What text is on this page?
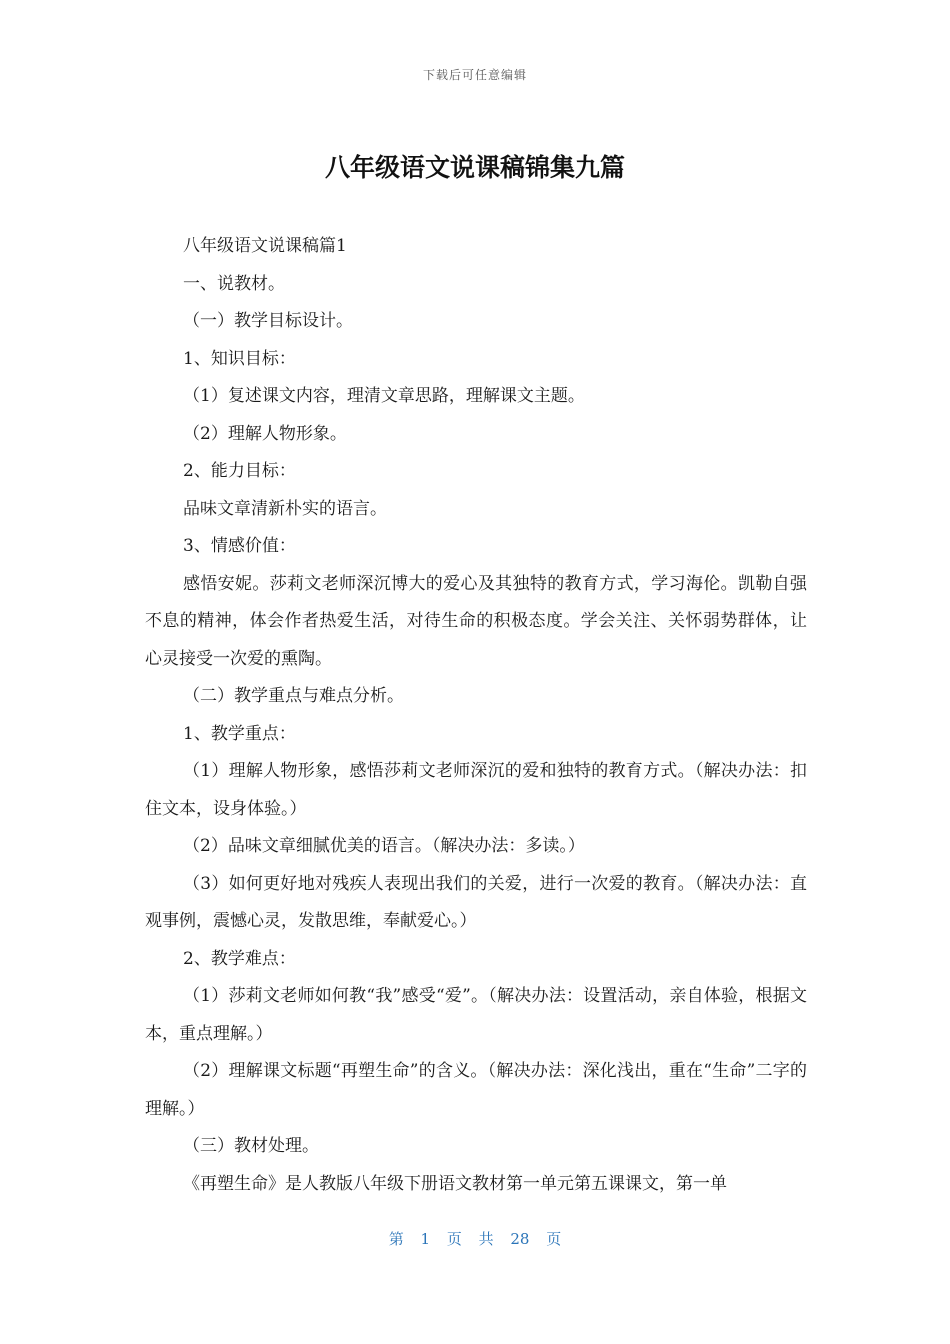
下载后可任意编辑
八年级语文说课稿锦集九篇

八年级语文说课稿篇1

一、说教材。

（一）教学目标设计。

1、知识目标：

（1）复述课文内容，理清文章思路，理解课文主题。

（2）理解人物形象。

2、能力目标：

品味文章清新朴实的语言。

3、情感价值：

感悟安妮。莎莉文老师深沉博大的爱心及其独特的教育方式，学习海伦。凯勒自强不息的精神，体会作者热爱生活，对待生命的积极态度。学会关注、关怀弱势群体，让心灵接受一次爱的熏陶。

（二）教学重点与难点分析。

1、教学重点：

（1）理解人物形象，感悟莎莉文老师深沉的爱和独特的教育方式。（解决办法：扣住文本，设身体验。）

（2）品味文章细腻优美的语言。（解决办法：多读。）

（3）如何更好地对残疾人表现出我们的关爱，进行一次爱的教育。（解决办法：直观事例，震憾心灵，发散思维，奉献爱心。）

2、教学难点：

（1）莎莉文老师如何教“我”感受“爱”。（解决办法：设置活动，亲自体验，根据文本，重点理解。）

（2）理解课文标题“再塑生命”的含义。（解决办法：深化浅出，重在“生命”二字的理解。）

（三）教材处理。

《再塑生命》是人教版八年级下册语文教材第一单元第五课课文，第一单

第 1 页 共 28 页
